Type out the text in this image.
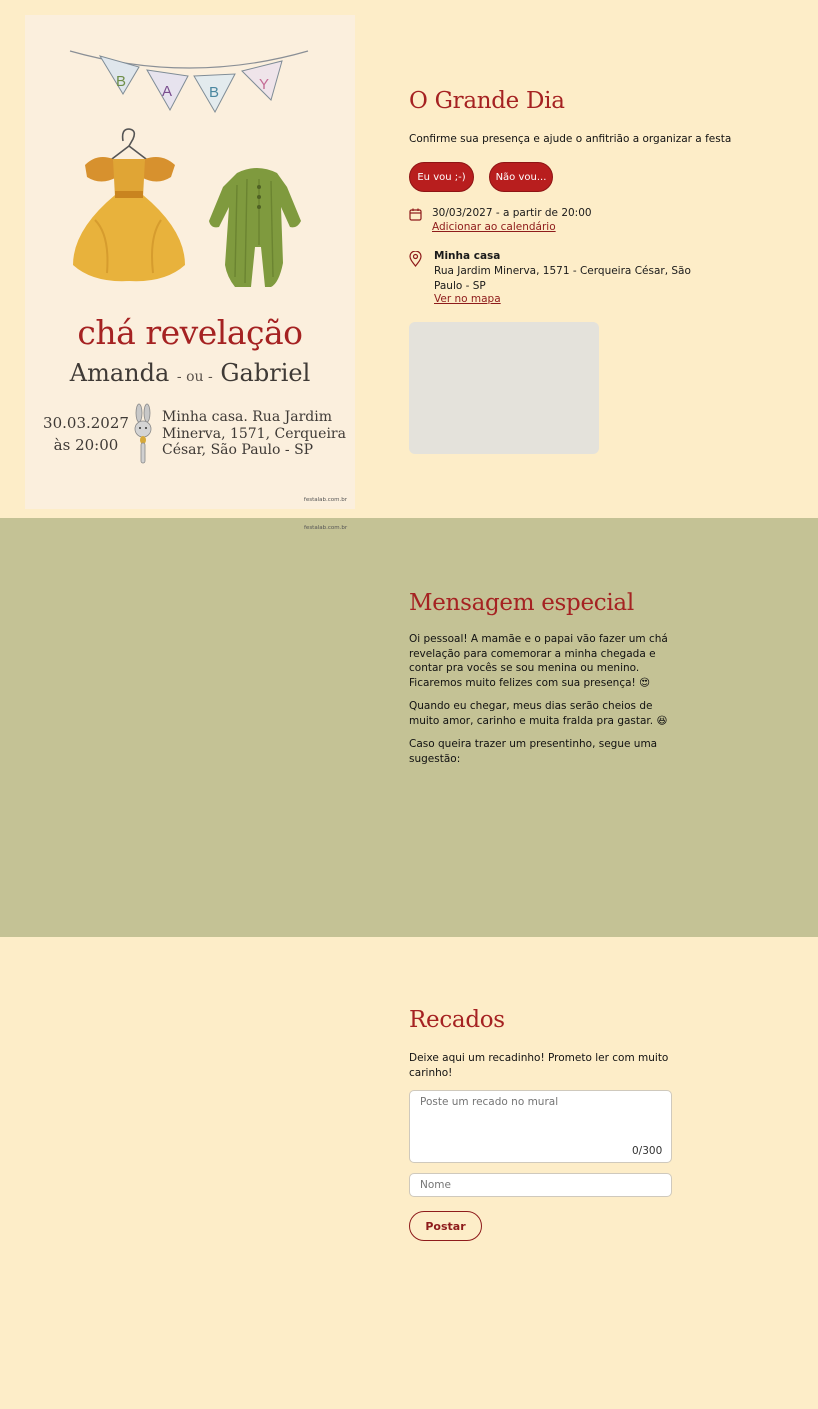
B
A B	Y
chá revelação
Amanda - ou - Gabriel
30.03.2027
às 20:00
Minha casa. Rua Jardim Minerva, 1571, Cerqueira César, São Paulo - SP
festalab.com.br
O Grande Dia
Confirme sua presença e ajude o anfitrião a organizar a festa
Eu vou ;-)	Não vou...
30/03/2027 - a partir de 20:00
Adicionar ao calendário
Minha casa
Rua Jardim Minerva, 1571 - Cerqueira César, São Paulo - SP
Ver no mapa
festalab.com.br
Mensagem especial

Oi pessoal! A mamãe e o papai vão fazer um chá revelação para comemorar a minha chegada e contar pra vocês se sou menina ou menino. Ficaremos muito felizes com sua presença! 😍

Quando eu chegar, meus dias serão cheios de muito amor, carinho e muita fralda pra gastar. 😆

Caso queira trazer um presentinho, segue uma sugestão:

Recados
Deixe aqui um recadinho! Prometo ler com muito carinho!
Poste um recado no mural
0/300
Nome
Postar
